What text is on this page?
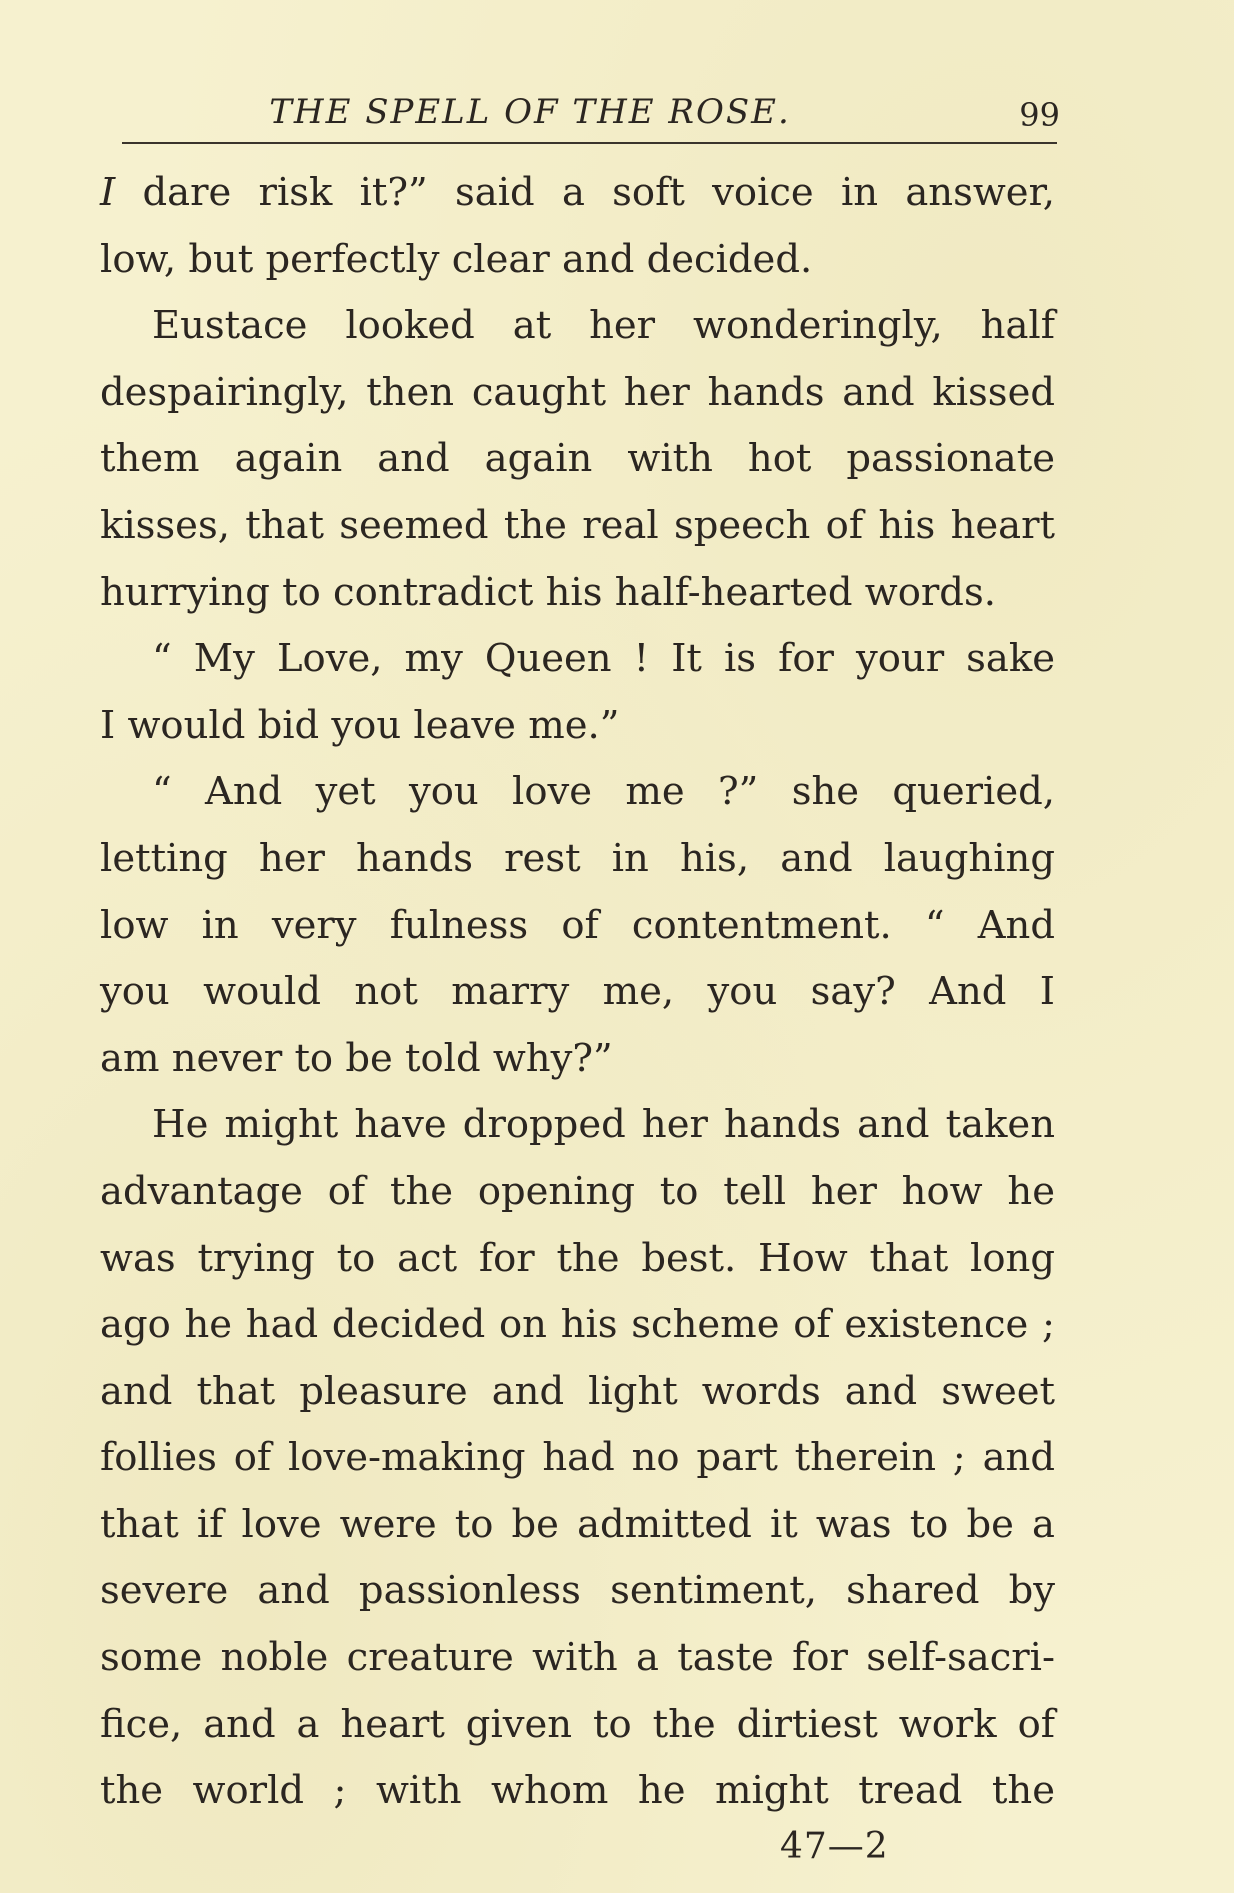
THE SPELL OF THE ROSE.	99
I dare risk it?” said a soft voice in answer,
low, but perfectly clear and decided.
Eustace looked at her wonderingly, half
despairingly, then caught her hands and kissed
them again and again with hot passionate
kisses, that seemed the real speech of his heart
hurrying to contradict his half-hearted words.
“ My Love, my Queen ! It is for your sake
I would bid you leave me.”
“ And yet you love me ?” she queried,
letting her hands rest in his, and laughing
low in very fulness of contentment. “ And
you would not marry me, you say? And I
am never to be told why?”
He might have dropped her hands and taken
advantage of the opening to tell her how he
was trying to act for the best. How that long
ago he had decided on his scheme of existence ;
and that pleasure and light words and sweet
follies of love-making had no part therein ; and
that if love were to be admitted it was to be a
severe and passionless sentiment, shared by
some noble creature with a taste for self-sacri-
fice, and a heart given to the dirtiest work of
the world ; with whom he might tread the
47—2
